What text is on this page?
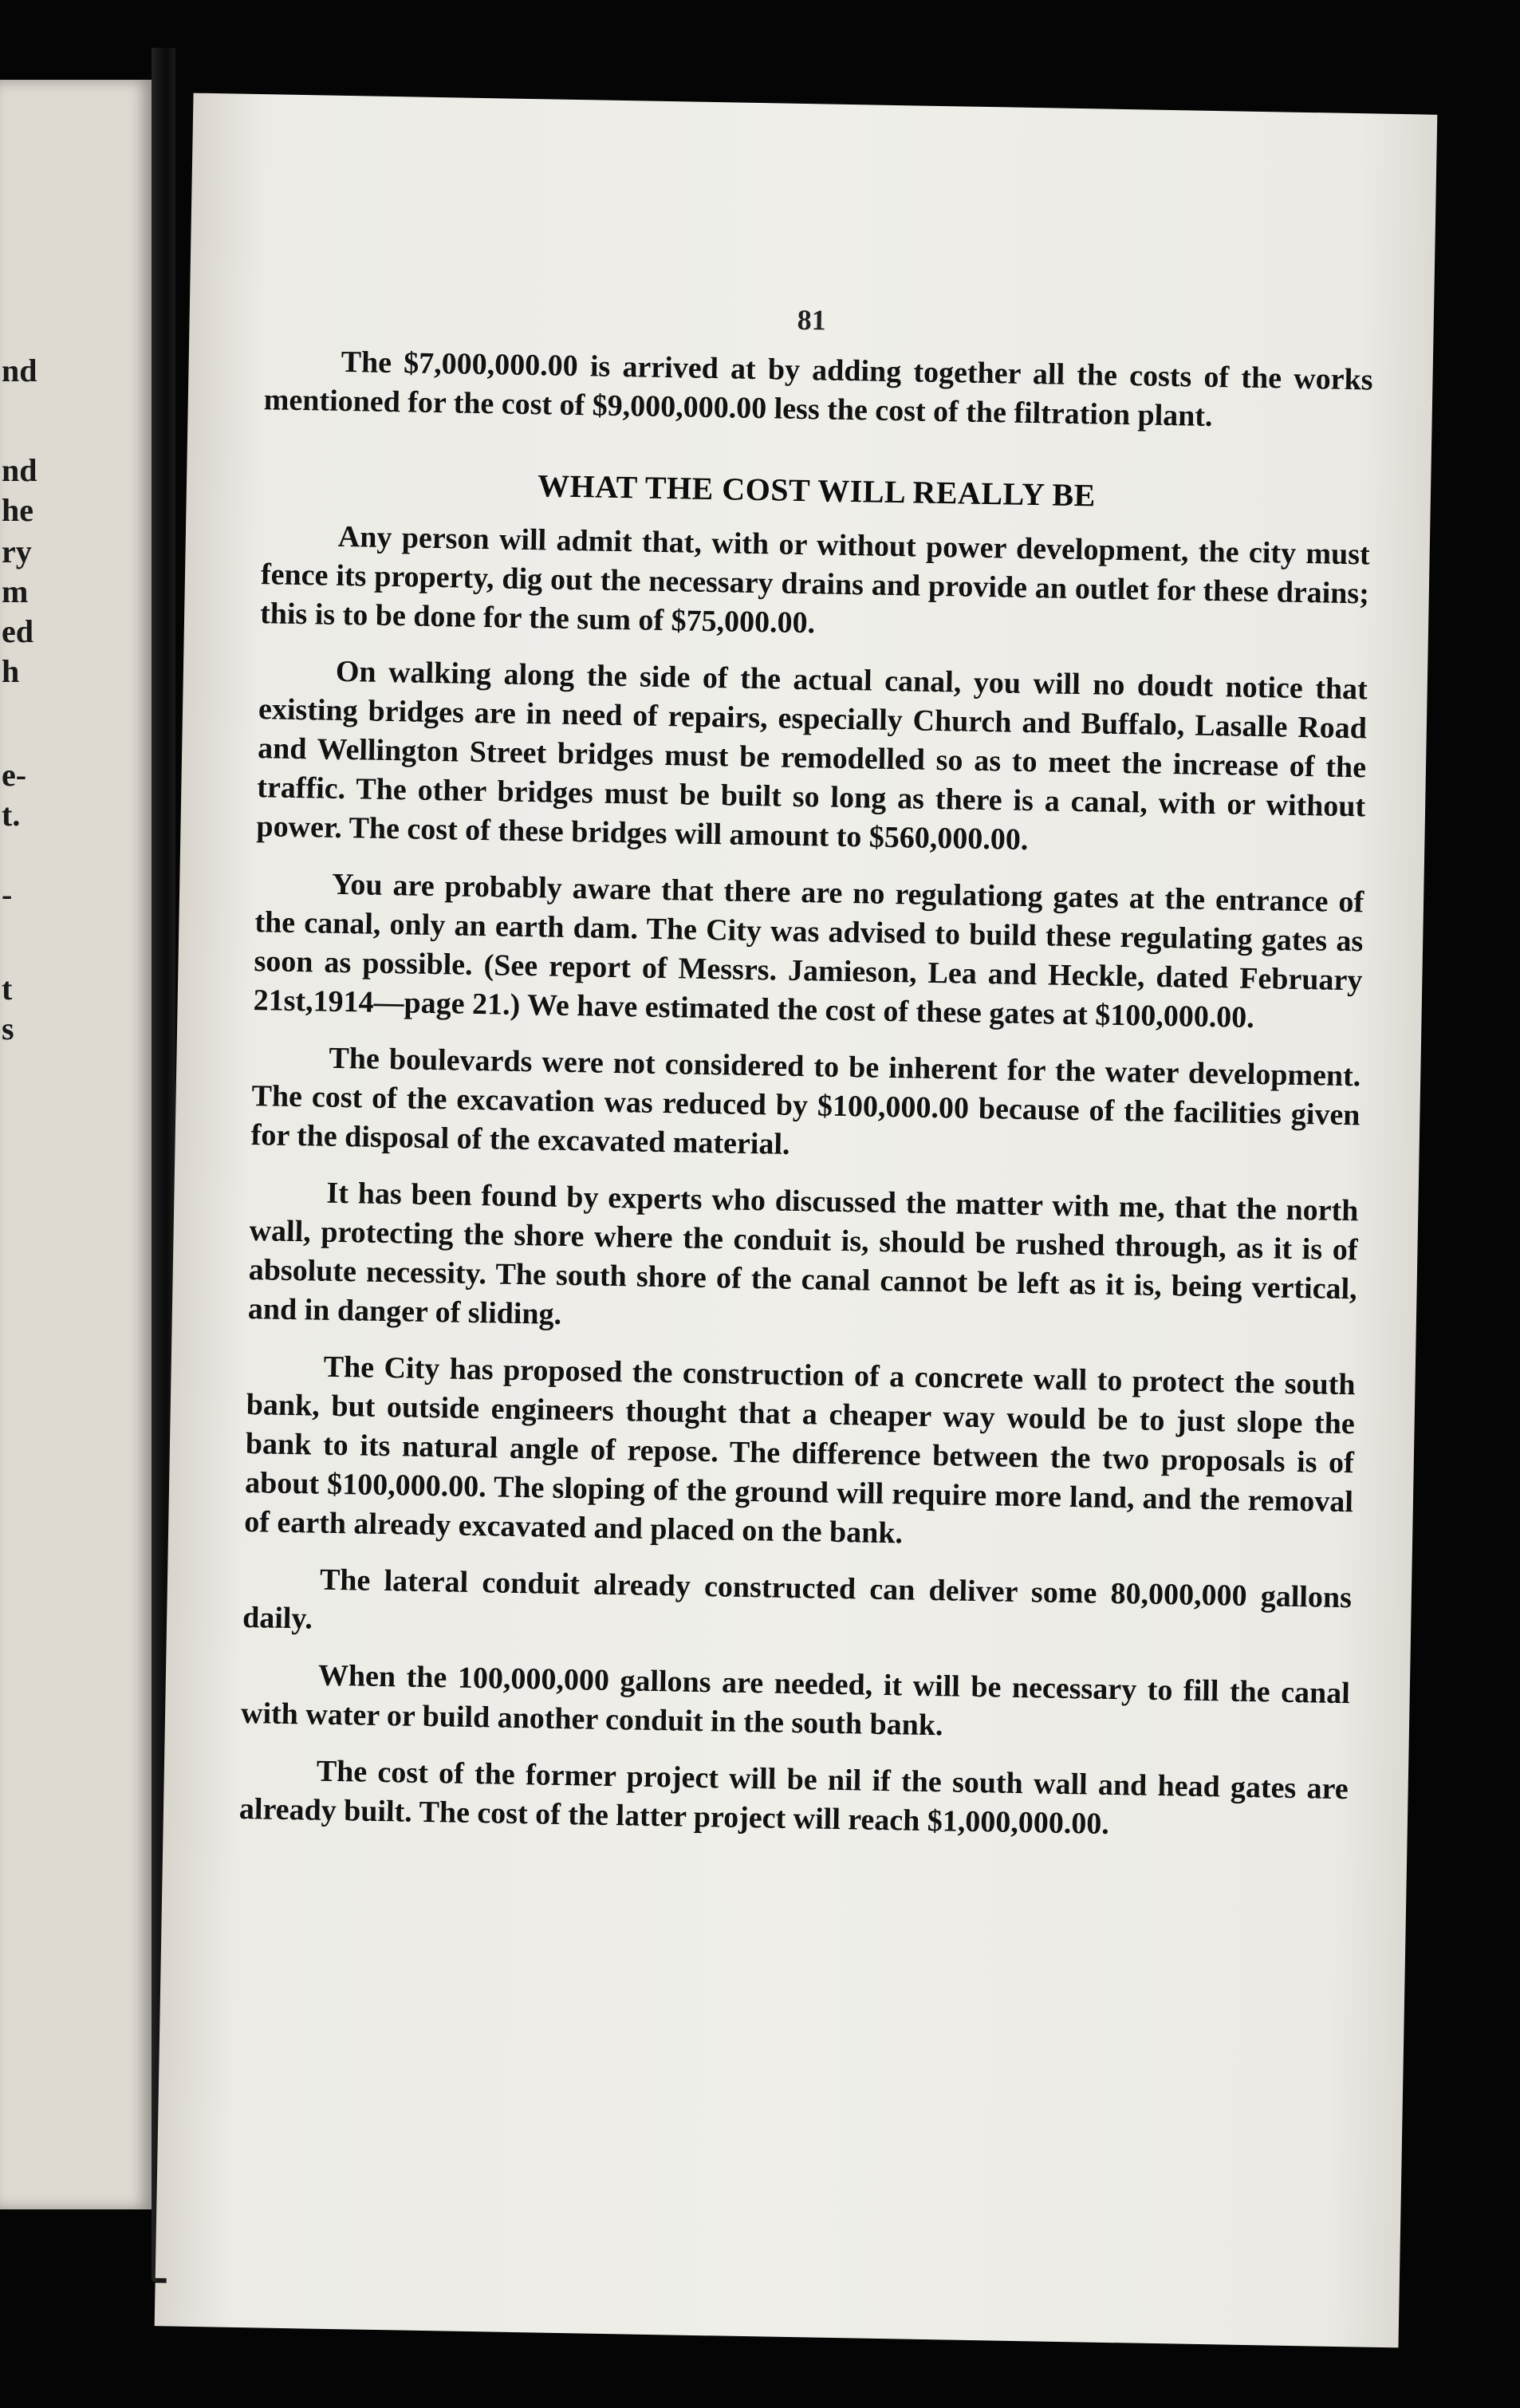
nd
nd
he
ry
m
ed
h
e-
t.
-
t
s
81

The $7,000,000.00 is arrived at by adding together all the costs of the works mentioned for the cost of $9,000,000.00 less the cost of the filtration plant.

WHAT THE COST WILL REALLY BE

Any person will admit that, with or without power development, the city must fence its property, dig out the necessary drains and provide an outlet for these drains; this is to be done for the sum of $75,000.00.

On walking along the side of the actual canal, you will no doudt notice that existing bridges are in need of repairs, especially Church and Buffalo, Lasalle Road and Wellington Street bridges must be remodelled so as to meet the increase of the traffic. The other bridges must be built so long as there is a canal, with or without power. The cost of these bridges will amount to $560,000.00.

You are probably aware that there are no regulationg gates at the entrance of the canal, only an earth dam. The City was advised to build these regulating gates as soon as possible. (See report of Messrs. Jamieson, Lea and Heckle, dated February 21st,1914—page 21.) We have estimated the cost of these gates at $100,000.00.

The boulevards were not considered to be inherent for the water development. The cost of the excavation was reduced by $100,000.00 because of the facilities given for the disposal of the excavated material.

It has been found by experts who discussed the matter with me, that the north wall, protecting the shore where the conduit is, should be rushed through, as it is of absolute necessity. The south shore of the canal cannot be left as it is, being vertical, and in danger of sliding.

The City has proposed the construction of a concrete wall to protect the south bank, but outside engineers thought that a cheaper way would be to just slope the bank to its natural angle of repose. The difference between the two proposals is of about $100,000.00. The sloping of the ground will require more land, and the removal of earth already excavated and placed on the bank.

The lateral conduit already constructed can deliver some 80,000,000 gallons daily.

When the 100,000,000 gallons are needed, it will be necessary to fill the canal with water or build another conduit in the south bank.

The cost of the former project will be nil if the south wall and head gates are already built. The cost of the latter project will reach $1,000,000.00.
